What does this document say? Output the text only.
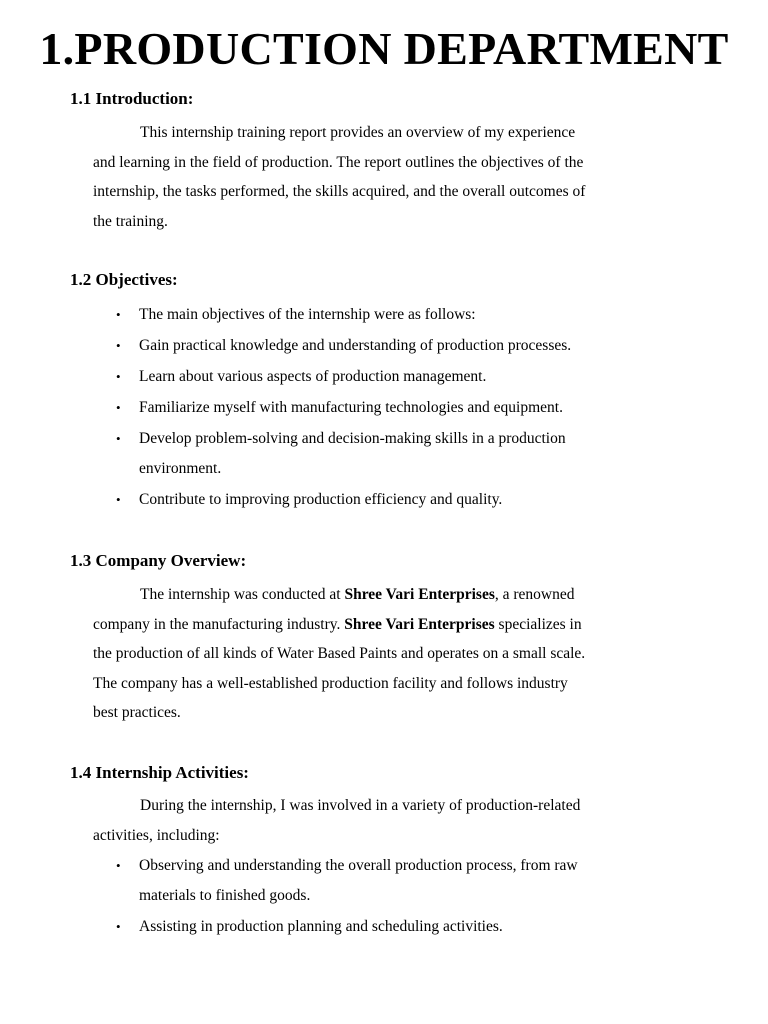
1.PRODUCTION DEPARTMENT
1.1 Introduction:
This internship training report provides an overview of my experience
and learning in the field of production. The report outlines the objectives of the
internship, the tasks performed, the skills acquired, and the overall outcomes of
the training.
1.2 Objectives:
• The main objectives of the internship were as follows:
• Gain practical knowledge and understanding of production processes.
• Learn about various aspects of production management.
• Familiarize myself with manufacturing technologies and equipment.
• Develop problem-solving and decision-making skills in a production
environment.
• Contribute to improving production efficiency and quality.
1.3 Company Overview:
The internship was conducted at Shree Vari Enterprises, a renowned
company in the manufacturing industry. Shree Vari Enterprises specializes in
the production of all kinds of Water Based Paints and operates on a small scale.
The company has a well-established production facility and follows industry
best practices.
1.4 Internship Activities:
During the internship, I was involved in a variety of production-related
activities, including:
• Observing and understanding the overall production process, from raw
materials to finished goods.
• Assisting in production planning and scheduling activities.
